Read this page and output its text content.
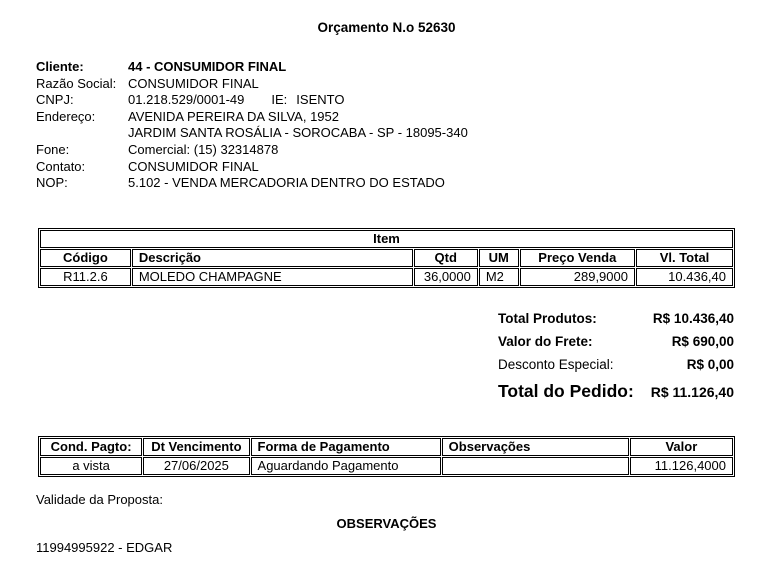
Orçamento N.o 52630
Cliente:	44 - CONSUMIDOR FINAL
Razão Social: CONSUMIDOR FINAL
CNPJ:	01.218.529/0001-49 IE: ISENTO
Endereço:	AVENIDA PEREIRA DA SILVA, 1952
JARDIM SANTA ROSÁLIA - SOROCABA - SP - 18095-340
Fone:	Comercial: (15) 32314878
Contato:	CONSUMIDOR FINAL
NOP:	5.102 - VENDA MERCADORIA DENTRO DO ESTADO
Item					
Código	Descrição	Qtd	UM	Preço Venda	Vl. Total
R11.2.6	MOLEDO CHAMPAGNE	36,0000	M2	289,9000	10.436,40
Total Produtos:	R$ 10.436,40
Valor do Frete:	R$ 690,00
Desconto Especial:	R$ 0,00
Total do Pedido: R$ 11.126,40
Cond. Pagto:	Dt Vencimento	Forma de Pagamento	Observações	Valor
a vista	27/06/2025	Aguardando Pagamento		11.126,4000
Validade da Proposta:
OBSERVAÇÕES
11994995922 - EDGAR
